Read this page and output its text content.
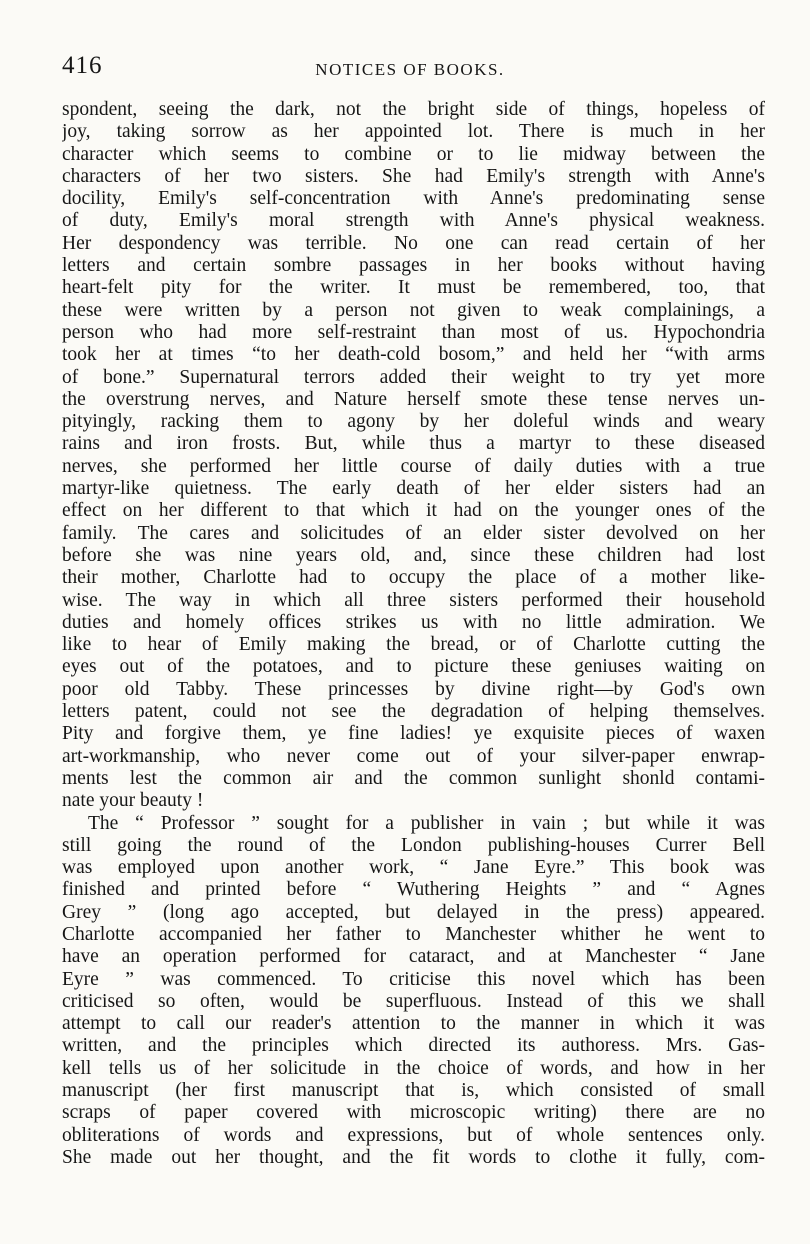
416	NOTICES OF BOOKS.
spondent, seeing the dark, not the bright side of things, hopeless of
joy, taking sorrow as her appointed lot. There is much in her
character which seems to combine or to lie midway between the
characters of her two sisters. She had Emily's strength with Anne's
docility, Emily's self-concentration with Anne's predominating sense
of duty, Emily's moral strength with Anne's physical weakness.
Her despondency was terrible. No one can read certain of her
letters and certain sombre passages in her books without having
heart-felt pity for the writer. It must be remembered, too, that
these were written by a person not given to weak complainings, a
person who had more self-restraint than most of us. Hypochondria
took her at times “to her death-cold bosom,” and held her “with arms
of bone.” Supernatural terrors added their weight to try yet more
the overstrung nerves, and Nature herself smote these tense nerves un-
pityingly, racking them to agony by her doleful winds and weary
rains and iron frosts. But, while thus a martyr to these diseased
nerves, she performed her little course of daily duties with a true
martyr-like quietness. The early death of her elder sisters had an
effect on her different to that which it had on the younger ones of the
family. The cares and solicitudes of an elder sister devolved on her
before she was nine years old, and, since these children had lost
their mother, Charlotte had to occupy the place of a mother like-
wise. The way in which all three sisters performed their household
duties and homely offices strikes us with no little admiration. We
like to hear of Emily making the bread, or of Charlotte cutting the
eyes out of the potatoes, and to picture these geniuses waiting on
poor old Tabby. These princesses by divine right—by God's own
letters patent, could not see the degradation of helping themselves.
Pity and forgive them, ye fine ladies! ye exquisite pieces of waxen
art-workmanship, who never come out of your silver-paper enwrap-
ments lest the common air and the common sunlight shonld contami-
nate your beauty !
The “ Professor ” sought for a publisher in vain ; but while it was
still going the round of the London publishing-houses Currer Bell
was employed upon another work, “ Jane Eyre.” This book was
finished and printed before “ Wuthering Heights ” and “ Agnes
Grey ” (long ago accepted, but delayed in the press) appeared.
Charlotte accompanied her father to Manchester whither he went to
have an operation performed for cataract, and at Manchester “ Jane
Eyre ” was commenced. To criticise this novel which has been
criticised so often, would be superfluous. Instead of this we shall
attempt to call our reader's attention to the manner in which it was
written, and the principles which directed its authoress. Mrs. Gas-
kell tells us of her solicitude in the choice of words, and how in her
manuscript (her first manuscript that is, which consisted of small
scraps of paper covered with microscopic writing) there are no
obliterations of words and expressions, but of whole sentences only.
She made out her thought, and the fit words to clothe it fully, com-
